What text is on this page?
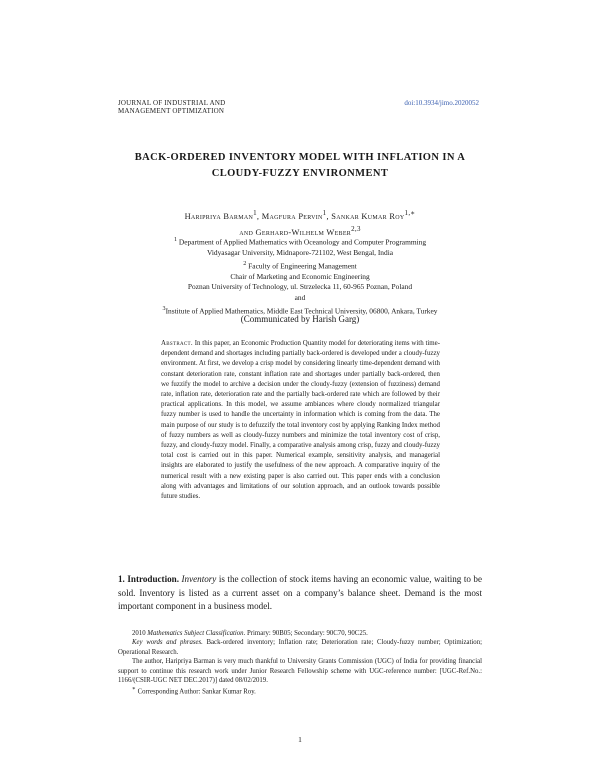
JOURNAL OF INDUSTRIAL AND
MANAGEMENT OPTIMIZATION
doi:10.3934/jimo.2020052
BACK-ORDERED INVENTORY MODEL WITH INFLATION IN A
CLOUDY-FUZZY ENVIRONMENT
Haripriya Barman$^1$, Magfura Pervin$^1$, Sankar Kumar Roy$^{1,∗}$
and Gerhard-Wilhelm Weber$^{2,3}$
$^1$ Department of Applied Mathematics with Oceanology and Computer Programming
Vidyasagar University, Midnapore-721102, West Bengal, India
$^2$ Faculty of Engineering Management
Chair of Marketing and Economic Engineering
Poznan University of Technology, ul. Strzelecka 11, 60-965 Poznan, Poland
and
$^3$Institute of Applied Mathematics, Middle East Technical University, 06800, Ankara, Turkey
(Communicated by Harish Garg)
Abstract. In this paper, an Economic Production Quantity model for deteriorating items with time-dependent demand and shortages including partially back-ordered is developed under a cloudy-fuzzy environment. At first, we develop a crisp model by considering linearly time-dependent demand with constant deterioration rate, constant inflation rate and shortages under partially back-ordered, then we fuzzify the model to archive a decision under the cloudy-fuzzy (extension of fuzziness) demand rate, inflation rate, deterioration rate and the partially back-ordered rate which are followed by their practical applications. In this model, we assume ambiances where cloudy normalized triangular fuzzy number is used to handle the uncertainty in information which is coming from the data. The main purpose of our study is to defuzzify the total inventory cost by applying Ranking Index method of fuzzy numbers as well as cloudy-fuzzy numbers and minimize the total inventory cost of crisp, fuzzy, and cloudy-fuzzy model. Finally, a comparative analysis among crisp, fuzzy and cloudy-fuzzy total cost is carried out in this paper. Numerical example, sensitivity analysis, and managerial insights are elaborated to justify the usefulness of the new approach. A comparative inquiry of the numerical result with a new existing paper is also carried out. This paper ends with a conclusion along with advantages and limitations of our solution approach, and an outlook towards possible future studies.
1. Introduction. Inventory is the collection of stock items having an economic value, waiting to be sold. Inventory is listed as a current asset on a company’s balance sheet. Demand is the most important component in a business model.

2010 Mathematics Subject Classification. Primary: 90B05; Secondary: 90C70, 90C25.

Key words and phrases. Back-ordered inventory; Inflation rate; Deterioration rate; Cloudy-fuzzy number; Optimization; Operational Research.

The author, Haripriya Barman is very much thankful to University Grants Commission (UGC) of India for providing financial support to continue this research work under Junior Research Fellowship scheme with UGC-reference number: [UGC-Ref.No.: 1166/(CSIR-UGC NET DEC.2017)] dated 08/02/2019.

∗ Corresponding Author: Sankar Kumar Roy.

1
